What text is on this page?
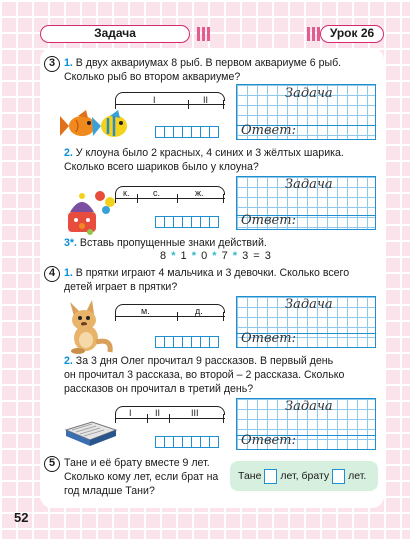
Задача	Урок 26
3 1. В двух аквариумах 8 рыб. В первом аквариуме 6 рыб.
Сколько рыб во втором аквариуме?
I	II	Задача
Ответ:
2. У клоуна было 2 красных, 4 синих и 3 жёлтых шарика.
Сколько всего шариков было у клоуна?
к.	с.	ж.
Задача
Ответ:
3*. Вставь пропущенные знаки действий.
8 * 1 * 0 * 7 * 3 = 3
4 1. В прятки играют 4 мальчика и 3 девочки. Сколько всего
детей играет в прятки?
м.	д.	Задача
Ответ:
2. За 3 дня Олег прочитал 9 рассказов. В первый день
он прочитал 3 рассказа, во второй – 2 рассказа. Сколько
рассказов он прочитал в третий день?
I	II	III	Задача
Ответ:
5 Тане и её брату вместе 9 лет.
Сколько кому лет, если брат на
год младше Тани?
Тане лет, брату лет.
52
